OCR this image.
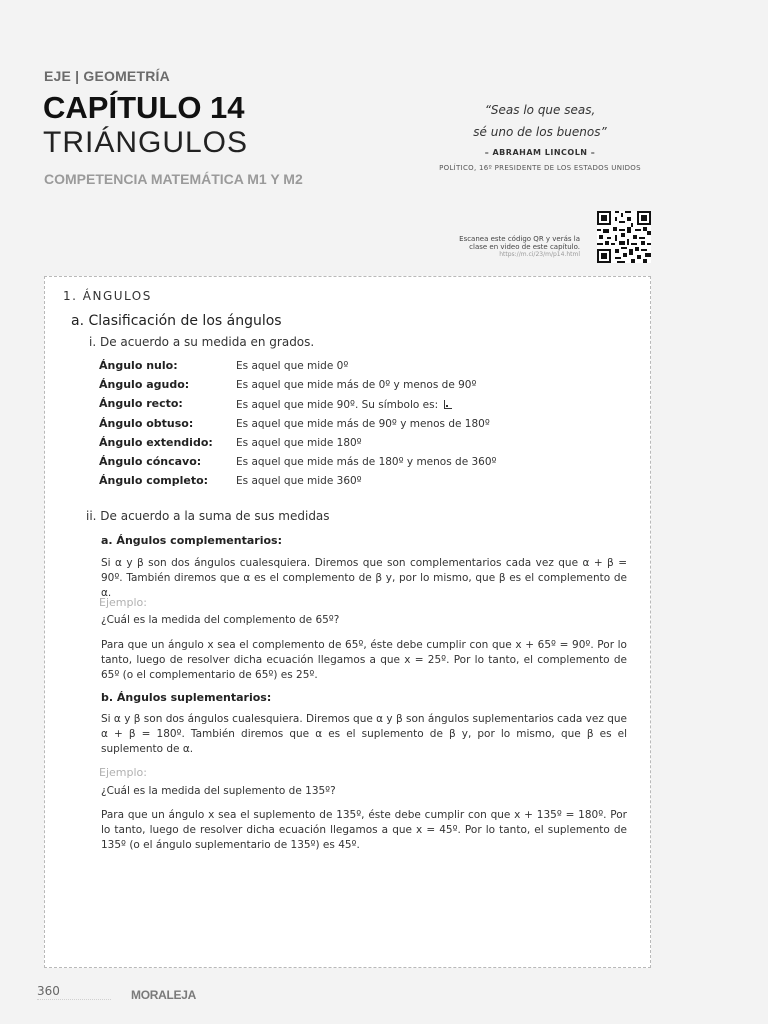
EJE | GEOMETRÍA
CAPÍTULO 14
TRIÁNGULOS
COMPETENCIA MATEMÁTICA M1 Y M2
“Seas lo que seas,
sé uno de los buenos”
– ABRAHAM LINCOLN –
POLÍTICO, 16º PRESIDENTE DE LOS ESTADOS UNIDOS
Escanea este código QR y verás la
clase en video de este capítulo.
https://m.ci/23/m/p14.html
1. ÁNGULOS
a. Clasificación de los ángulos
i. De acuerdo a su medida en grados.
Ángulo nulo:	Es aquel que mide 0º
Ángulo agudo:	Es aquel que mide más de 0º y menos de 90º
Ángulo recto:	Es aquel que mide 90º. Su símbolo es:
Ángulo obtuso:	Es aquel que mide más de 90º y menos de 180º
Ángulo extendido: Es aquel que mide 180º
Ángulo cóncavo:	Es aquel que mide más de 180º y menos de 360º
Ángulo completo:	Es aquel que mide 360º
ii. De acuerdo a la suma de sus medidas
a. Ángulos complementarios:

Si α y β son dos ángulos cualesquiera. Diremos que son complementarios cada vez que α + β = 90º. También diremos que α es el complemento de β y, por lo mismo, que β es el complemento de α.

Ejemplo:

¿Cuál es la medida del complemento de 65º?

Para que un ángulo x sea el complemento de 65º, éste debe cumplir con que x + 65º = 90º. Por lo tanto, luego de resolver dicha ecuación llegamos a que x = 25º. Por lo tanto, el complemento de 65º (o el complementario de 65º) es 25º.

b. Ángulos suplementarios:

Si α y β son dos ángulos cualesquiera. Diremos que α y β son ángulos suplementarios cada vez que α + β = 180º. También diremos que α es el suplemento de β y, por lo mismo, que β es el suplemento de α.

Ejemplo:

¿Cuál es la medida del suplemento de 135º?

Para que un ángulo x sea el suplemento de 135º, éste debe cumplir con que x + 135º = 180º. Por lo tanto, luego de resolver dicha ecuación llegamos a que x = 45º. Por lo tanto, el suplemento de 135º (o el ángulo suplementario de 135º) es 45º.

360	MORALEJA
